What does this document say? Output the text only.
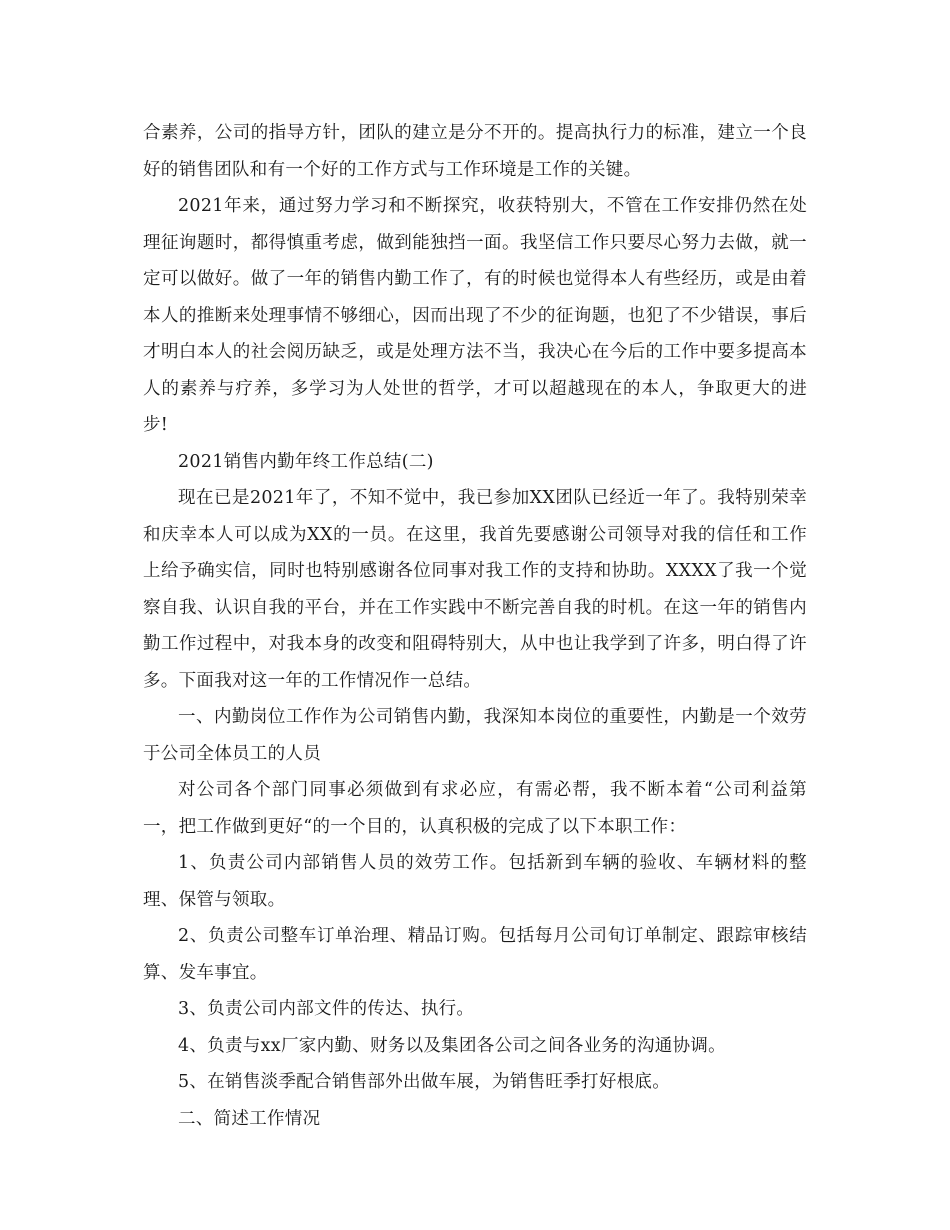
合素养，公司的指导方针，团队的建立是分不开的。提高执行力的标准，建立一个良好的销售团队和有一个好的工作方式与工作环境是工作的关键。

2021年来，通过努力学习和不断探究，收获特别大，不管在工作安排仍然在处理征询题时，都得慎重考虑，做到能独挡一面。我坚信工作只要尽心努力去做，就一定可以做好。做了一年的销售内勤工作了，有的时候也觉得本人有些经历，或是由着本人的推断来处理事情不够细心，因而出现了不少的征询题，也犯了不少错误，事后才明白本人的社会阅历缺乏，或是处理方法不当，我决心在今后的工作中要多提高本人的素养与疗养，多学习为人处世的哲学，才可以超越现在的本人，争取更大的进步!

2021销售内勤年终工作总结(二)

现在已是2021年了，不知不觉中，我已参加XX团队已经近一年了。我特别荣幸和庆幸本人可以成为XX的一员。在这里，我首先要感谢公司领导对我的信任和工作上给予确实信，同时也特别感谢各位同事对我工作的支持和协助。XXXX了我一个觉察自我、认识自我的平台，并在工作实践中不断完善自我的时机。在这一年的销售内勤工作过程中，对我本身的改变和阻碍特别大，从中也让我学到了许多，明白得了许多。下面我对这一年的工作情况作一总结。

一、内勤岗位工作作为公司销售内勤，我深知本岗位的重要性，内勤是一个效劳于公司全体员工的人员

对公司各个部门同事必须做到有求必应，有需必帮，我不断本着“公司利益第一，把工作做到更好“的一个目的，认真积极的完成了以下本职工作：

1、负责公司内部销售人员的效劳工作。包括新到车辆的验收、车辆材料的整理、保管与领取。

2、负责公司整车订单治理、精品订购。包括每月公司旬订单制定、跟踪审核结算、发车事宜。

3、负责公司内部文件的传达、执行。

4、负责与xx厂家内勤、财务以及集团各公司之间各业务的沟通协调。

5、在销售淡季配合销售部外出做车展，为销售旺季打好根底。

二、简述工作情况
